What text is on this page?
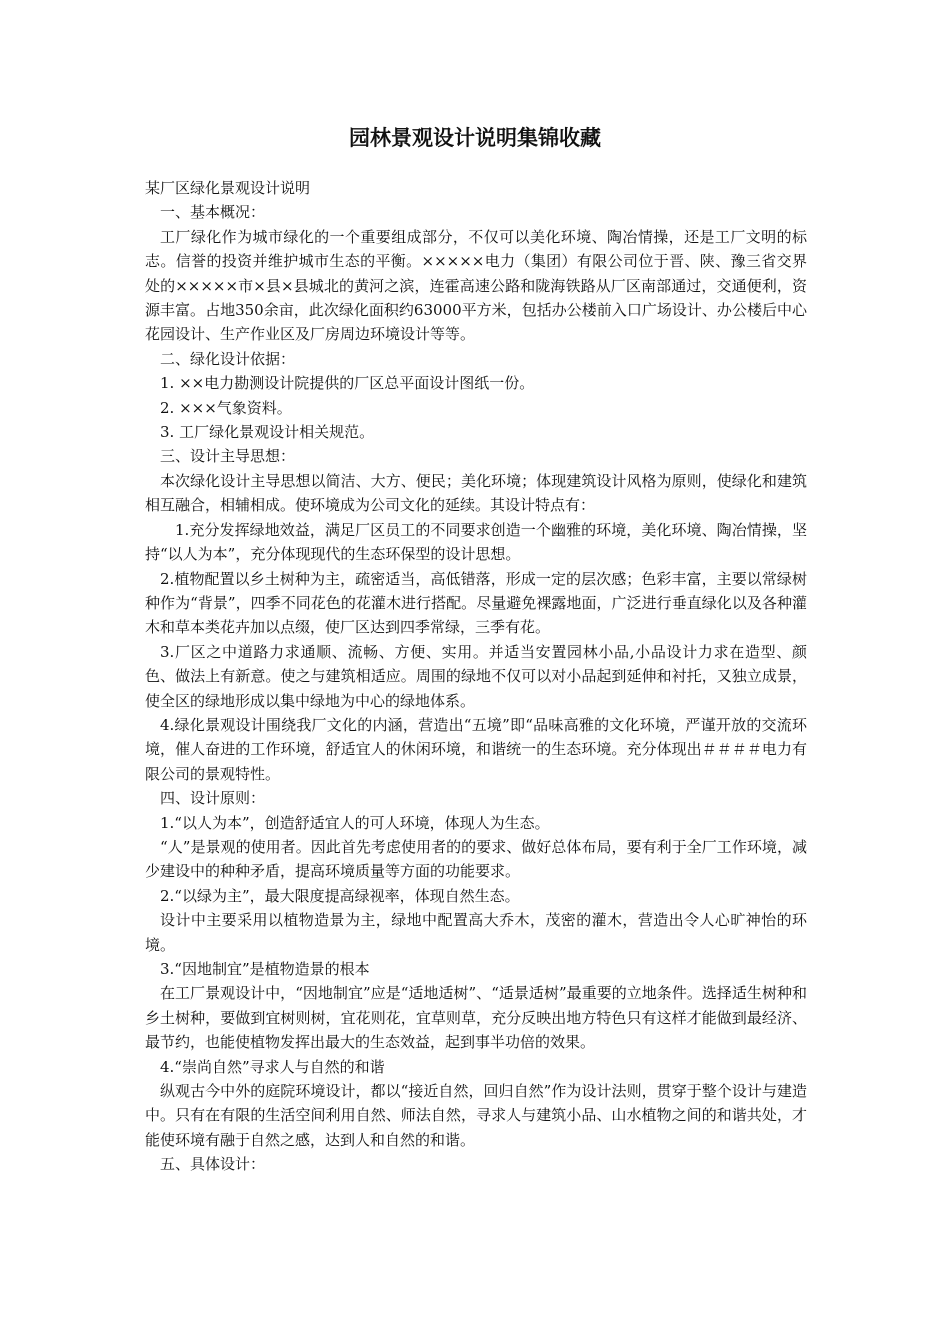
园林景观设计说明集锦收藏

某厂区绿化景观设计说明

一、基本概况：

工厂绿化作为城市绿化的一个重要组成部分，不仅可以美化环境、陶冶情操，还是工厂文明的标志。信誉的投资并维护城市生态的平衡。×××××电力（集团）有限公司位于晋、陕、豫三省交界处的×××××市×县×县城北的黄河之滨，连霍高速公路和陇海铁路从厂区南部通过，交通便利，资源丰富。占地350余亩，此次绿化面积约63000平方米，包括办公楼前入口广场设计、办公楼后中心花园设计、生产作业区及厂房周边环境设计等等。

二、绿化设计依据：

1. ××电力勘测设计院提供的厂区总平面设计图纸一份。

2. ×××气象资料。

3. 工厂绿化景观设计相关规范。

三、设计主导思想：

本次绿化设计主导思想以简洁、大方、便民；美化环境；体现建筑设计风格为原则，使绿化和建筑相互融合，相辅相成。使环境成为公司文化的延续。其设计特点有：

1.充分发挥绿地效益，满足厂区员工的不同要求创造一个幽雅的环境，美化环境、陶冶情操，坚持“以人为本”，充分体现现代的生态环保型的设计思想。

2.植物配置以乡土树种为主，疏密适当，高低错落，形成一定的层次感；色彩丰富，主要以常绿树种作为“背景”，四季不同花色的花灌木进行搭配。尽量避免裸露地面，广泛进行垂直绿化以及各种灌木和草本类花卉加以点缀，使厂区达到四季常绿，三季有花。

3.厂区之中道路力求通顺、流畅、方便、实用。并适当安置园林小品,小品设计力求在造型、颜色、做法上有新意。使之与建筑相适应。周围的绿地不仅可以对小品起到延伸和衬托，又独立成景，使全区的绿地形成以集中绿地为中心的绿地体系。

4.绿化景观设计围绕我厂文化的内涵，营造出“五境”即“品味高雅的文化环境，严谨开放的交流环境，催人奋进的工作环境，舒适宜人的休闲环境，和谐统一的生态环境。充分体现出＃＃＃＃电力有限公司的景观特性。

四、设计原则：

1.“以人为本”，创造舒适宜人的可人环境，体现人为生态。

“人”是景观的使用者。因此首先考虑使用者的的要求、做好总体布局，要有利于全厂工作环境，减少建设中的种种矛盾，提高环境质量等方面的功能要求。

2.“以绿为主”，最大限度提高绿视率，体现自然生态。

设计中主要采用以植物造景为主，绿地中配置高大乔木，茂密的灌木，营造出令人心旷神怡的环境。

3.“因地制宜”是植物造景的根本

在工厂景观设计中，“因地制宜”应是“适地适树”、“适景适树”最重要的立地条件。选择适生树种和乡土树种，要做到宜树则树，宜花则花，宜草则草，充分反映出地方特色只有这样才能做到最经济、最节约，也能使植物发挥出最大的生态效益，起到事半功倍的效果。

4.“崇尚自然”寻求人与自然的和谐

纵观古今中外的庭院环境设计，都以“接近自然，回归自然”作为设计法则，贯穿于整个设计与建造中。只有在有限的生活空间利用自然、师法自然，寻求人与建筑小品、山水植物之间的和谐共处，才能使环境有融于自然之感，达到人和自然的和谐。

五、具体设计：
